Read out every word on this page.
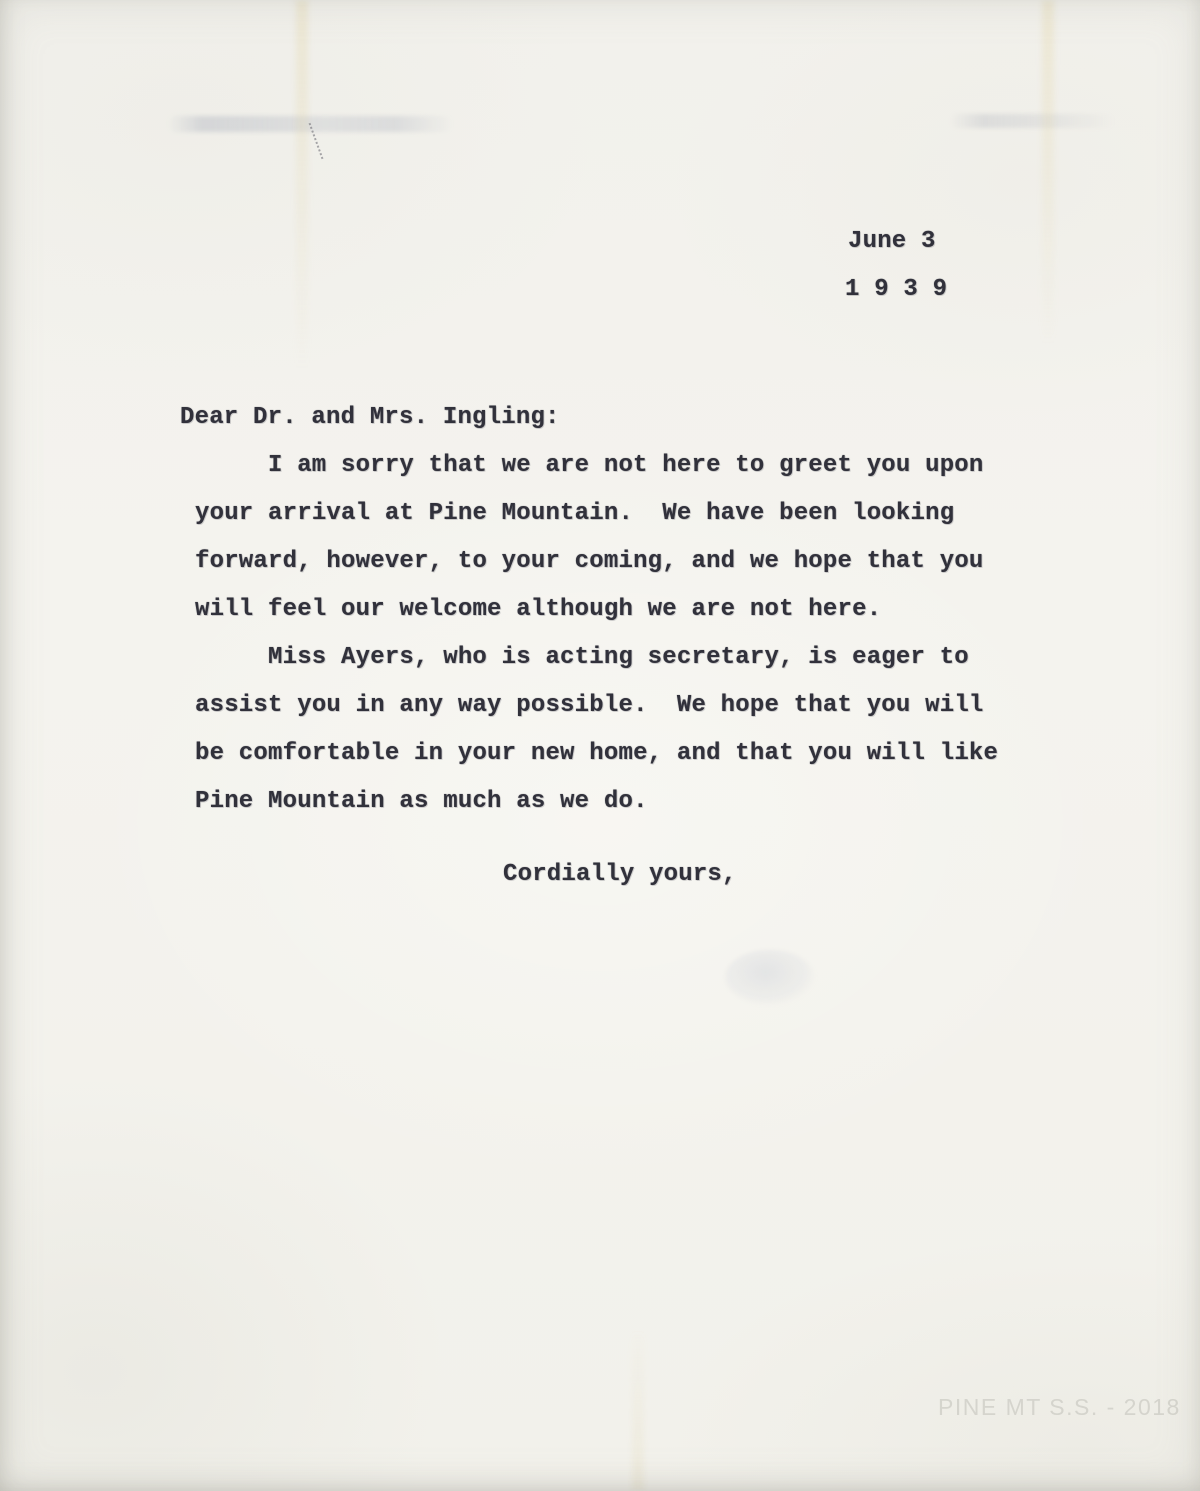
June 3
1 9 3 9
Dear Dr. and Mrs. Ingling:
I am sorry that we are not here to greet you upon
your arrival at Pine Mountain.  We have been looking
forward, however, to your coming, and we hope that you
will feel our welcome although we are not here.
Miss Ayers, who is acting secretary, is eager to
assist you in any way possible.  We hope that you will
be comfortable in your new home, and that you will like
Pine Mountain as much as we do.
Cordially yours,
PINE MT S.S. - 2018
